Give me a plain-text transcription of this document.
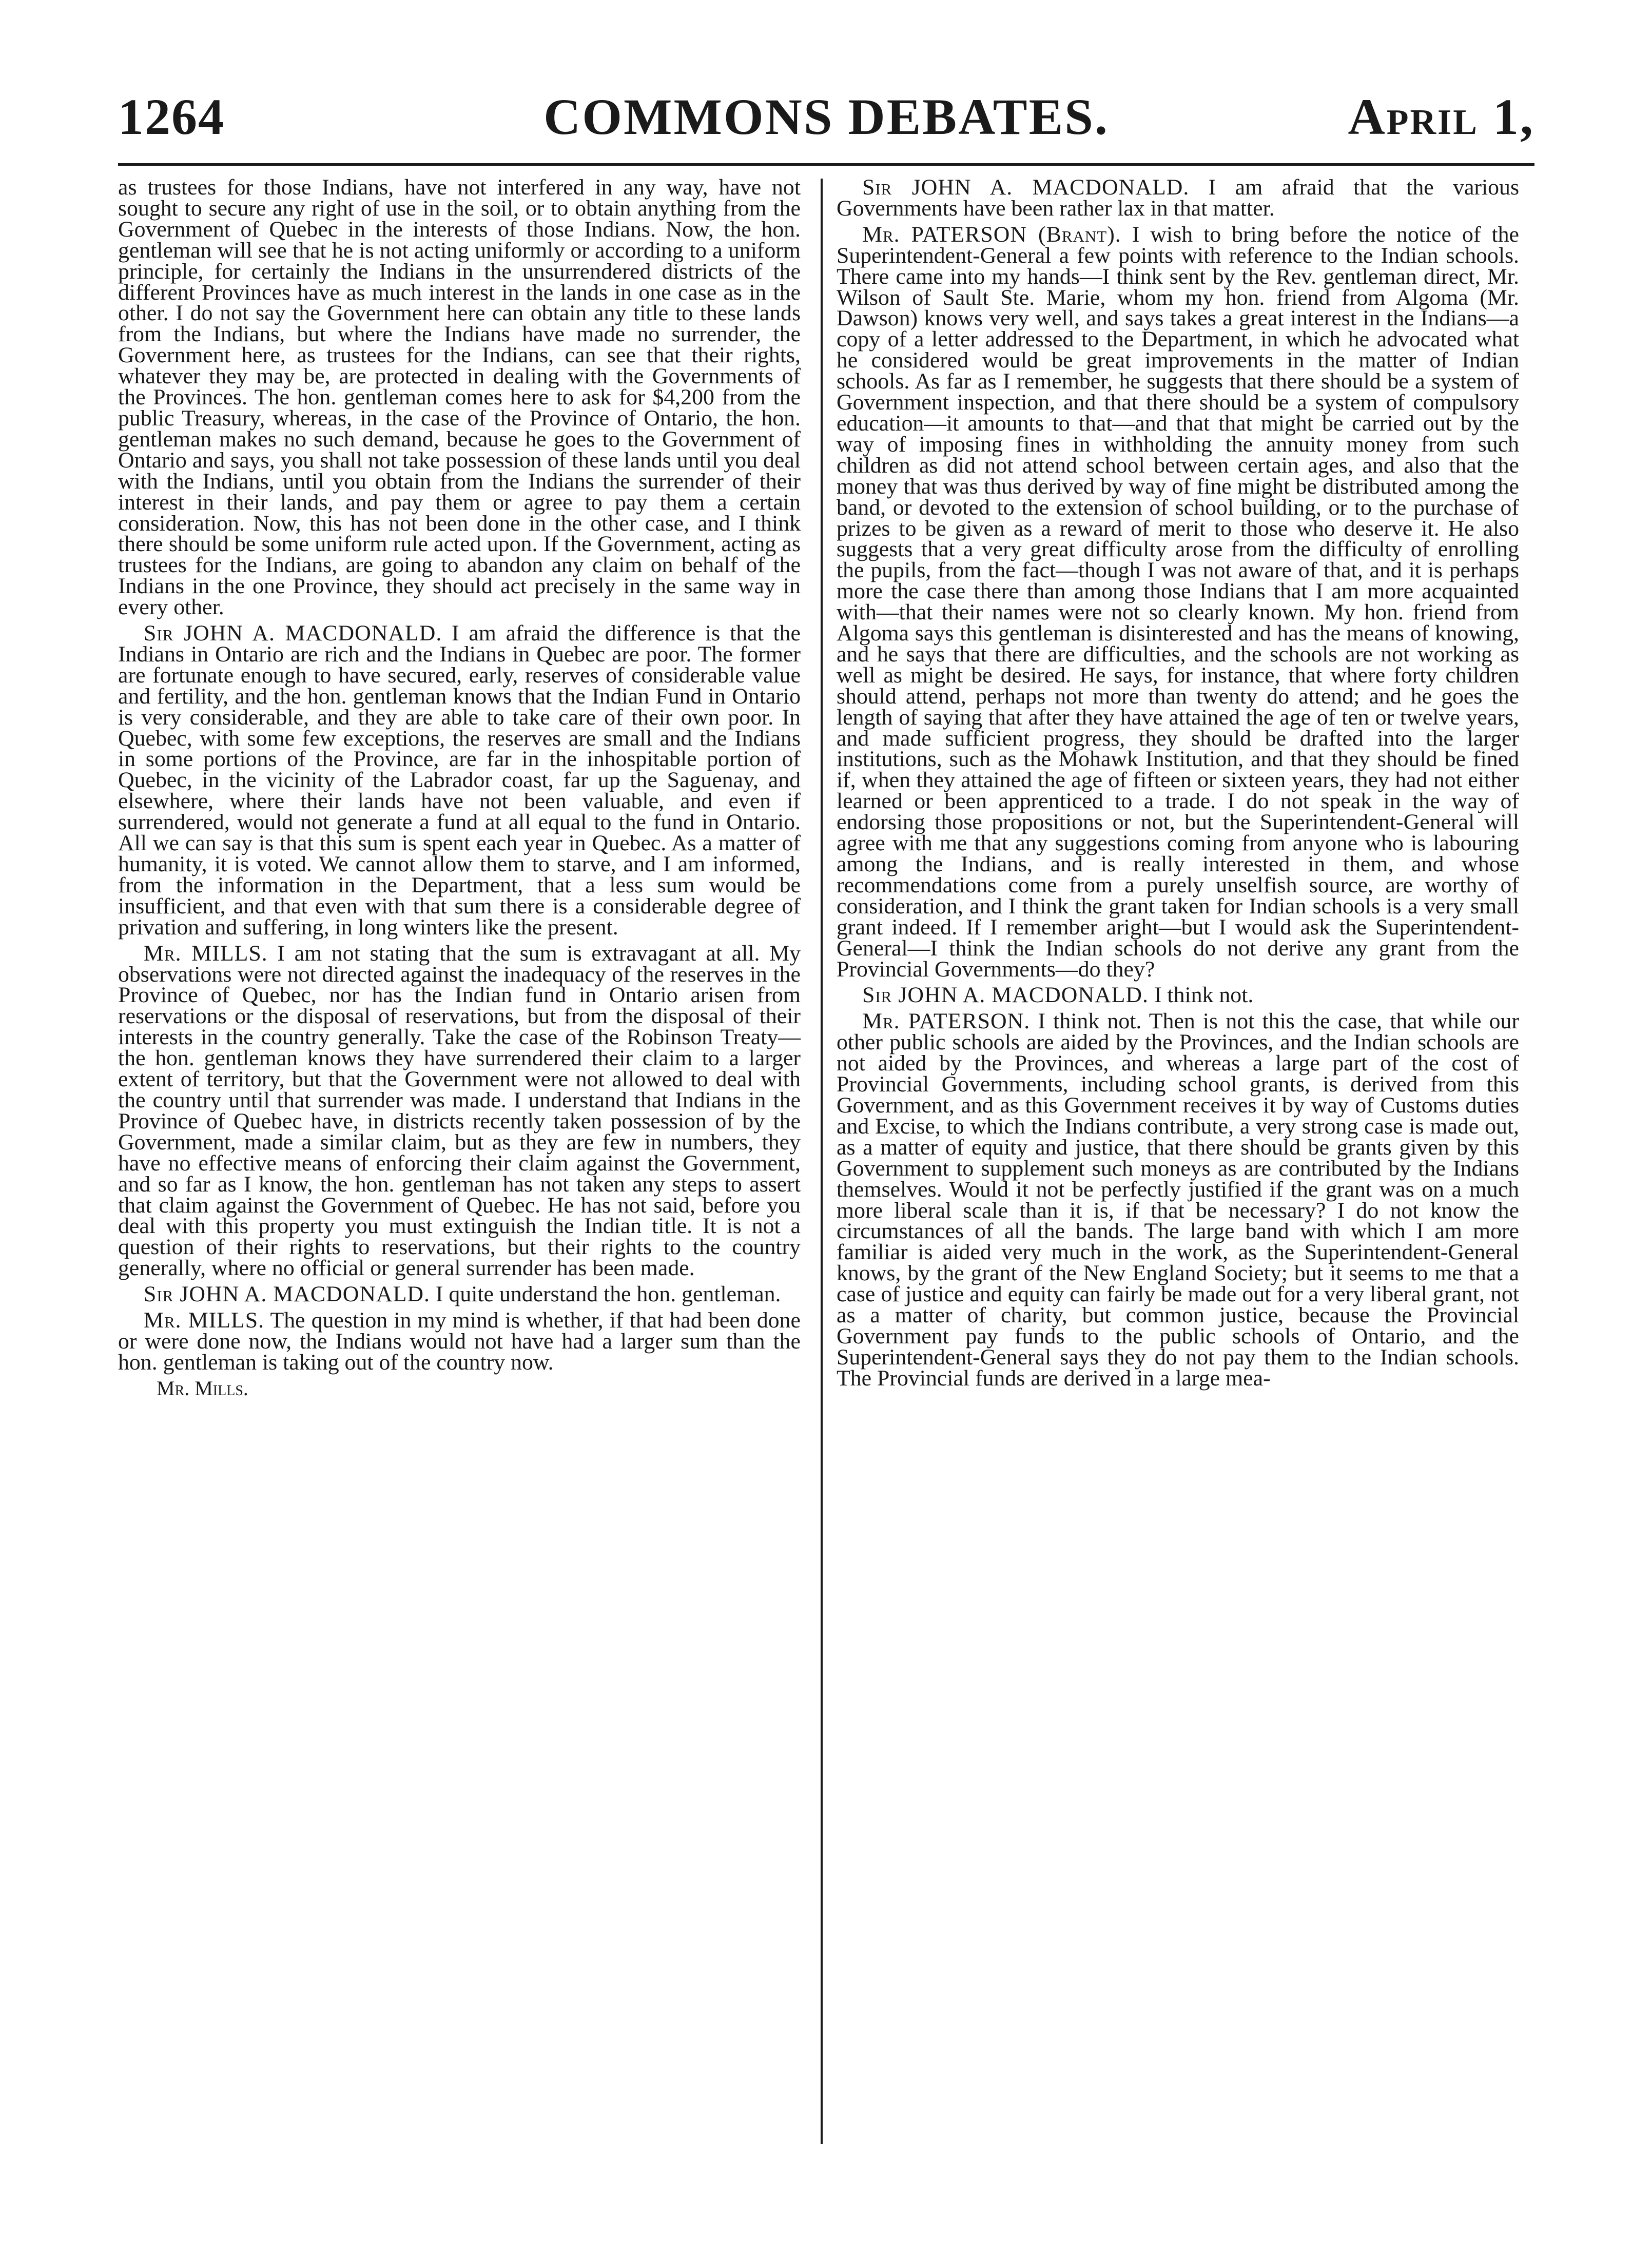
1264	COMMONS DEBATES.	April 1,

as trustees for those Indians, have not interfered in any way, have not sought to secure any right of use in the soil, or to obtain anything from the Government of Quebec in the interests of those Indians. Now, the hon. gentleman will see that he is not acting uniformly or according to a uniform principle, for certainly the Indians in the unsurrendered districts of the different Provinces have as much interest in the lands in one case as in the other. I do not say the Government here can obtain any title to these lands from the Indians, but where the Indians have made no surrender, the Government here, as trustees for the Indians, can see that their rights, whatever they may be, are protected in dealing with the Governments of the Provinces. The hon. gentleman comes here to ask for $4,200 from the public Treasury, whereas, in the case of the Province of Ontario, the hon. gentleman makes no such demand, because he goes to the Government of Ontario and says, you shall not take possession of these lands until you deal with the Indians, until you obtain from the Indians the surrender of their interest in their lands, and pay them or agree to pay them a certain consideration. Now, this has not been done in the other case, and I think there should be some uniform rule acted upon. If the Government, acting as trustees for the Indians, are going to abandon any claim on behalf of the Indians in the one Province, they should act precisely in the same way in every other.

Sir JOHN A. MACDONALD. I am afraid the difference is that the Indians in Ontario are rich and the Indians in Quebec are poor. The former are fortunate enough to have secured, early, reserves of considerable value and fertility, and the hon. gentleman knows that the Indian Fund in Ontario is very considerable, and they are able to take care of their own poor. In Quebec, with some few exceptions, the reserves are small and the Indians in some portions of the Province, are far in the inhospitable portion of Quebec, in the vicinity of the Labrador coast, far up the Saguenay, and elsewhere, where their lands have not been valuable, and even if surrendered, would not generate a fund at all equal to the fund in Ontario. All we can say is that this sum is spent each year in Quebec. As a matter of humanity, it is voted. We cannot allow them to starve, and I am informed, from the information in the Department, that a less sum would be insufficient, and that even with that sum there is a considerable degree of privation and suffering, in long winters like the present.

Mr. MILLS. I am not stating that the sum is extravagant at all. My observations were not directed against the inadequacy of the reserves in the Province of Quebec, nor has the Indian fund in Ontario arisen from reservations or the disposal of reservations, but from the disposal of their interests in the country generally. Take the case of the Robinson Treaty—the hon. gentleman knows they have surrendered their claim to a larger extent of territory, but that the Government were not allowed to deal with the country until that surrender was made. I understand that Indians in the Province of Quebec have, in districts recently taken possession of by the Government, made a similar claim, but as they are few in numbers, they have no effective means of enforcing their claim against the Government, and so far as I know, the hon. gentleman has not taken any steps to assert that claim against the Government of Quebec. He has not said, before you deal with this property you must extinguish the Indian title. It is not a question of their rights to reservations, but their rights to the country generally, where no official or general surrender has been made.

Sir JOHN A. MACDONALD. I quite understand the hon. gentleman.

Mr. MILLS. The question in my mind is whether, if that had been done or were done now, the Indians would not have had a larger sum than the hon. gentleman is taking out of the country now.

Mr. Mills.

Sir JOHN A. MACDONALD. I am afraid that the various Governments have been rather lax in that matter.

Mr. PATERSON (Brant). I wish to bring before the notice of the Superintendent-General a few points with reference to the Indian schools. There came into my hands—I think sent by the Rev. gentleman direct, Mr. Wilson of Sault Ste. Marie, whom my hon. friend from Algoma (Mr. Dawson) knows very well, and says takes a great interest in the Indians—a copy of a letter addressed to the Department, in which he advocated what he considered would be great improvements in the matter of Indian schools. As far as I remember, he suggests that there should be a system of Government inspection, and that there should be a system of compulsory education—it amounts to that—and that that might be carried out by the way of imposing fines in withholding the annuity money from such children as did not attend school between certain ages, and also that the money that was thus derived by way of fine might be distributed among the band, or devoted to the extension of school building, or to the purchase of prizes to be given as a reward of merit to those who deserve it. He also suggests that a very great difficulty arose from the difficulty of enrolling the pupils, from the fact—though I was not aware of that, and it is perhaps more the case there than among those Indians that I am more acquainted with—that their names were not so clearly known. My hon. friend from Algoma says this gentleman is disinterested and has the means of knowing, and he says that there are difficulties, and the schools are not working as well as might be desired. He says, for instance, that where forty children should attend, perhaps not more than twenty do attend; and he goes the length of saying that after they have attained the age of ten or twelve years, and made sufficient progress, they should be drafted into the larger institutions, such as the Mohawk Institution, and that they should be fined if, when they attained the age of fifteen or sixteen years, they had not either learned or been apprenticed to a trade. I do not speak in the way of endorsing those propositions or not, but the Superintendent-General will agree with me that any suggestions coming from anyone who is labouring among the Indians, and is really interested in them, and whose recommendations come from a purely unselfish source, are worthy of consideration, and I think the grant taken for Indian schools is a very small grant indeed. If I remember aright—but I would ask the Superintendent-General—I think the Indian schools do not derive any grant from the Provincial Governments—do they?

Sir JOHN A. MACDONALD. I think not.

Mr. PATERSON. I think not. Then is not this the case, that while our other public schools are aided by the Provinces, and the Indian schools are not aided by the Provinces, and whereas a large part of the cost of Provincial Governments, including school grants, is derived from this Government, and as this Government receives it by way of Customs duties and Excise, to which the Indians contribute, a very strong case is made out, as a matter of equity and justice, that there should be grants given by this Government to supplement such moneys as are contributed by the Indians themselves. Would it not be perfectly justified if the grant was on a much more liberal scale than it is, if that be necessary? I do not know the circumstances of all the bands. The large band with which I am more familiar is aided very much in the work, as the Superintendent-General knows, by the grant of the New England Society; but it seems to me that a case of justice and equity can fairly be made out for a very liberal grant, not as a matter of charity, but common justice, because the Provincial Government pay funds to the public schools of Ontario, and the Superintendent-General says they do not pay them to the Indian schools. The Provincial funds are derived in a large mea-
